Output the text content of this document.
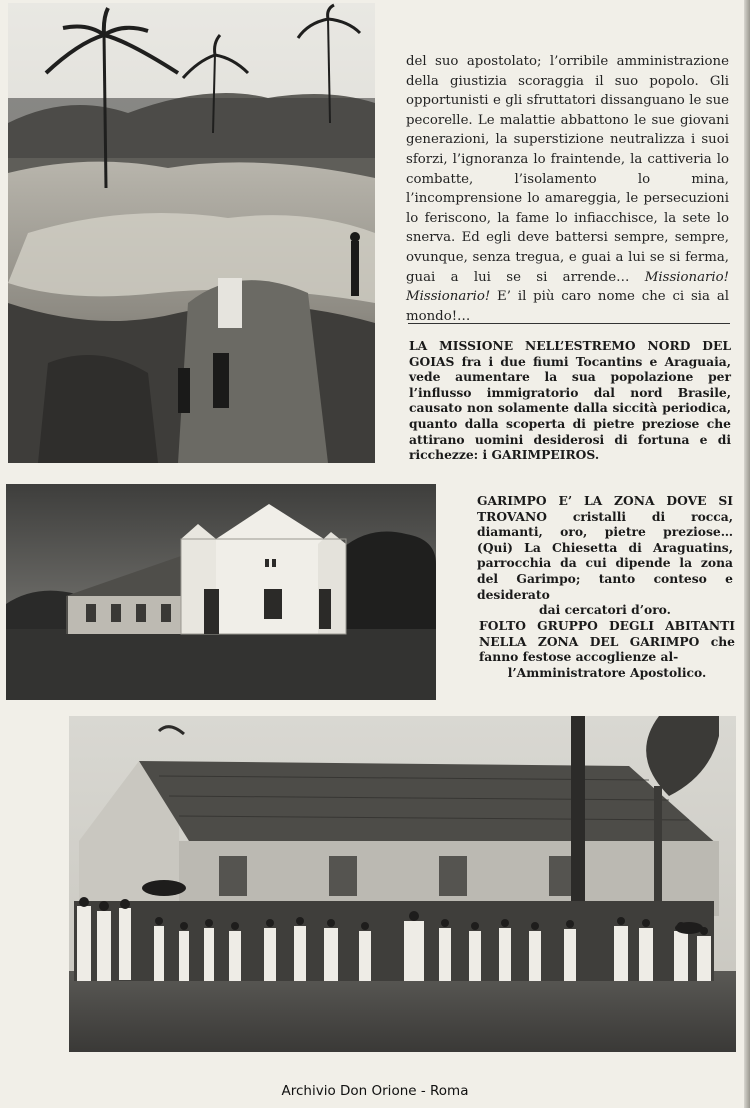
del suo apostolato; l’orribile amministrazione della giustizia scoraggia il suo popolo. Gli opportunisti e gli sfruttatori dissanguano le sue pecorelle. Le malattie abbattono le sue giovani generazioni, la superstizione neutralizza i suoi sforzi, l’ignoranza lo fraintende, la cattiveria lo combatte, l’isolamento lo mina, l’incomprensione lo amareggia, le persecuzioni lo feriscono, la fame lo infiacchisce, la sete lo snerva. Ed egli deve battersi sempre, sempre, ovunque, senza tregua, e guai a lui se si ferma, guai a lui se si arrende… Missionario! Missionario! E’ il più caro nome che ci sia al mondo!…
LA MISSIONE NELL’ESTREMO NORD DEL GOIAS fra i due fiumi Tocantins e Araguaia, vede aumentare la sua popolazione per l’influsso immigratorio dal nord Brasile, causato non solamente dalla siccità periodica, quanto dalla scoperta di pietre preziose che attirano uomini desiderosi di fortuna e di ricchezze: i GARIMPEIROS.
GARIMPO E’ LA ZONA DOVE SI TROVANO cristalli di rocca, diamanti, oro, pietre preziose… (Qui) La Chiesetta di Araguatins, parrocchia da cui dipende la zona del Garimpo; tanto conteso e desiderato
dai cercatori d’oro.
FOLTO GRUPPO DEGLI ABITANTI NELLA ZONA DEL GARIMPO che fanno festose accoglienze al-
l’Amministratore Apostolico.
Archivio Don Orione - Roma
